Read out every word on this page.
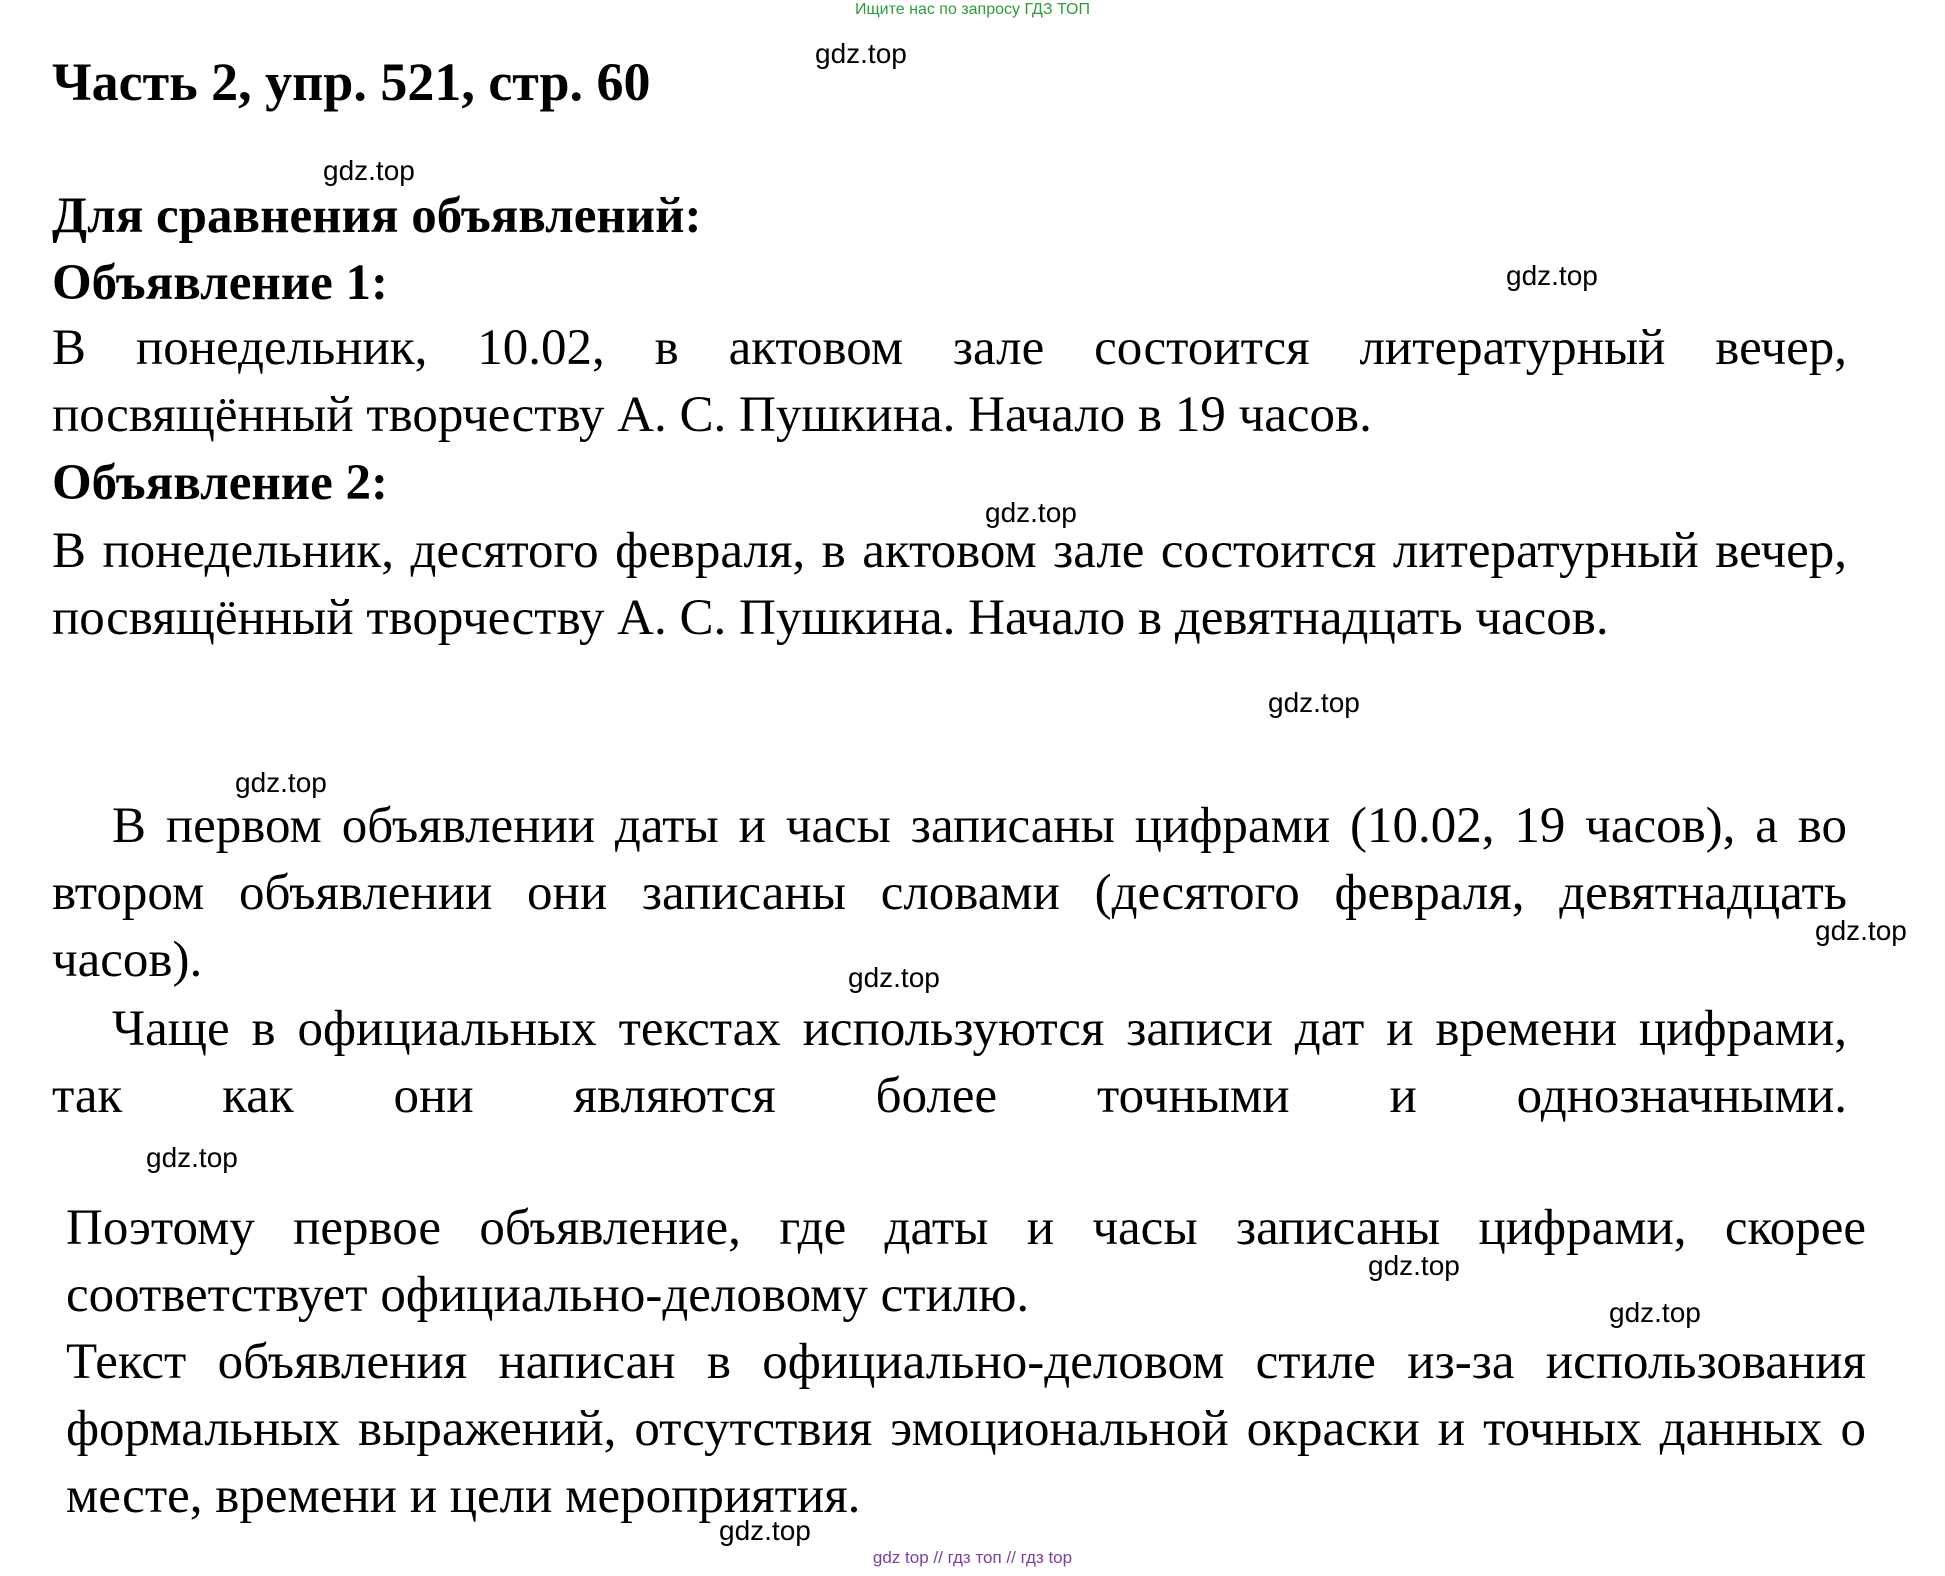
Ищите нас по запросу ГДЗ ТОП
Часть 2, упр. 521, стр. 60
Для сравнения объявлений:
Объявление 1:
В понедельник, 10.02, в актовом зале состоится литературный вечер, посвящённый творчеству А. С. Пушкина. Начало в 19 часов.
Объявление 2:
В понедельник, десятого февраля, в актовом зале состоится литературный вечер, посвящённый творчеству А. С. Пушкина. Начало в девятнадцать часов.
В первом объявлении даты и часы записаны цифрами (10.02, 19 часов), а во втором объявлении они записаны словами (десятого февраля, девятнадцать часов).
Чаще в официальных текстах используются записи дат и времени цифрами, так как они являются более точными и однозначными.
Поэтому первое объявление, где даты и часы записаны цифрами, скорее соответствует официально-деловому стилю.
Текст объявления написан в официально-деловом стиле из-за использования формальных выражений, отсутствия эмоциональной окраски и точных данных о месте, времени и цели мероприятия.
gdz.top
gdz.top
gdz.top
gdz.top
gdz.top
gdz.top
gdz.top
gdz.top
gdz.top
gdz.top
gdz.top
gdz.top
gdz top // гдз топ // гдз top
